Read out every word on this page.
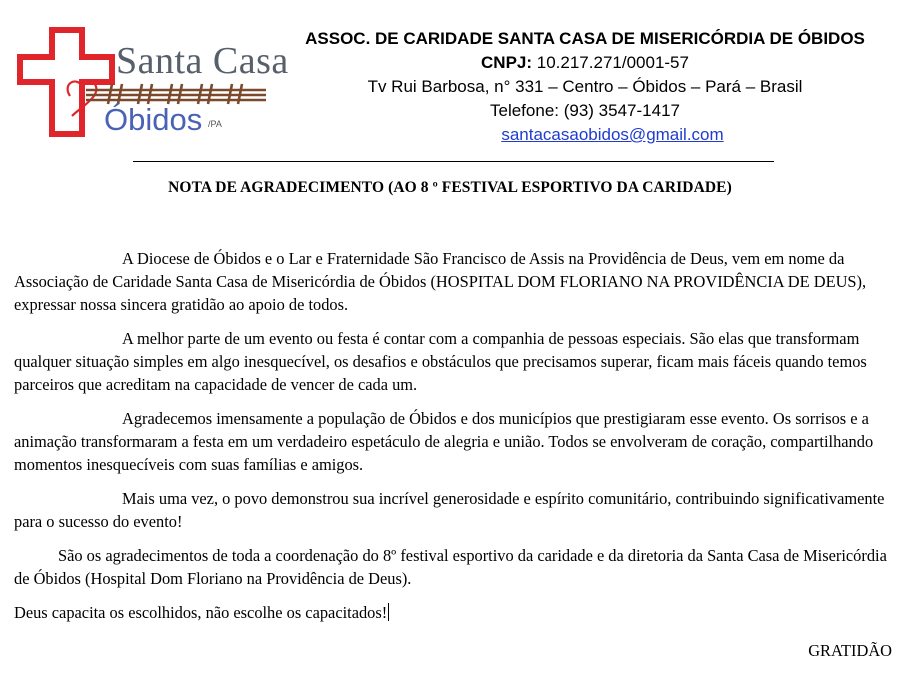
Santa Casa
Óbidos /PA
ASSOC. DE CARIDADE SANTA CASA DE MISERICÓRDIA DE ÓBIDOS
CNPJ: 10.217.271/0001-57
Tv Rui Barbosa, n° 331 – Centro – Óbidos – Pará – Brasil
Telefone: (93) 3547-1417
santacasaobidos@gmail.com
NOTA DE AGRADECIMENTO (AO 8 º FESTIVAL ESPORTIVO DA CARIDADE)

A Diocese de Óbidos e o Lar e Fraternidade São Francisco de Assis na Providência de Deus, vem em nome da Associação de Caridade Santa Casa de Misericórdia de Óbidos (HOSPITAL DOM FLORIANO NA PROVIDÊNCIA DE DEUS), expressar nossa sincera gratidão ao apoio de todos.

A melhor parte de um evento ou festa é contar com a companhia de pessoas especiais. São elas que transformam qualquer situação simples em algo inesquecível, os desafios e obstáculos que precisamos superar, ficam mais fáceis quando temos parceiros que acreditam na capacidade de vencer de cada um.

Agradecemos imensamente a população de Óbidos e dos municípios que prestigiaram esse evento. Os sorrisos e a animação transformaram a festa em um verdadeiro espetáculo de alegria e união. Todos se envolveram de coração, compartilhando momentos inesquecíveis com suas famílias e amigos.

Mais uma vez, o povo demonstrou sua incrível generosidade e espírito comunitário, contribuindo significativamente para o sucesso do evento!

São os agradecimentos de toda a coordenação do 8º festival esportivo da caridade e da diretoria da Santa Casa de Misericórdia de Óbidos (Hospital Dom Floriano na Providência de Deus).

Deus capacita os escolhidos, não escolhe os capacitados!

GRATIDÃO
